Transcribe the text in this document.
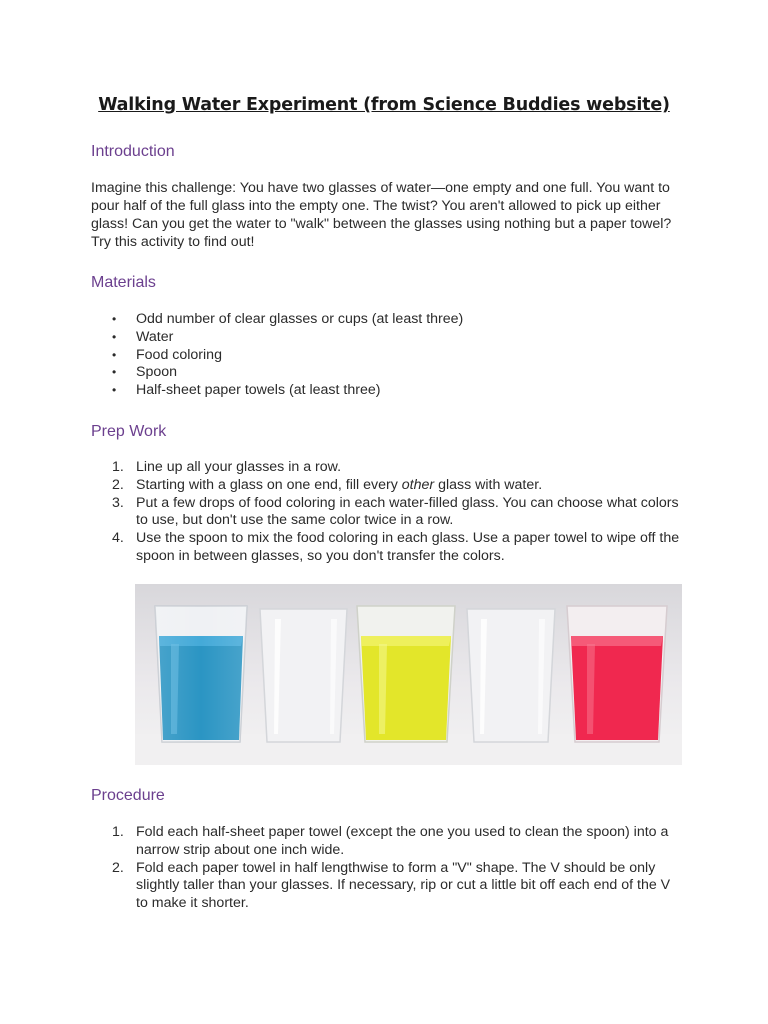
Walking Water Experiment (from Science Buddies website)
Introduction

Imagine this challenge: You have two glasses of water—one empty and one full. You want to pour half of the full glass into the empty one. The twist? You aren't allowed to pick up either glass! Can you get the water to "walk" between the glasses using nothing but a paper towel? Try this activity to find out!

Materials
• Odd number of clear glasses or cups (at least three)
• Water
• Food coloring
• Spoon
• Half-sheet paper towels (at least three)
Prep Work
1. Line up all your glasses in a row.
2. Starting with a glass on one end, fill every other glass with water.
3. Put a few drops of food coloring in each water-filled glass. You can choose what colors to use, but don't use the same color twice in a row.
4. Use the spoon to mix the food coloring in each glass. Use a paper towel to wipe off the spoon in between glasses, so you don't transfer the colors.
Procedure
1. Fold each half-sheet paper towel (except the one you used to clean the spoon) into a narrow strip about one inch wide.
2. Fold each paper towel in half lengthwise to form a "V" shape. The V should be only slightly taller than your glasses. If necessary, rip or cut a little bit off each end of the V to make it shorter.
